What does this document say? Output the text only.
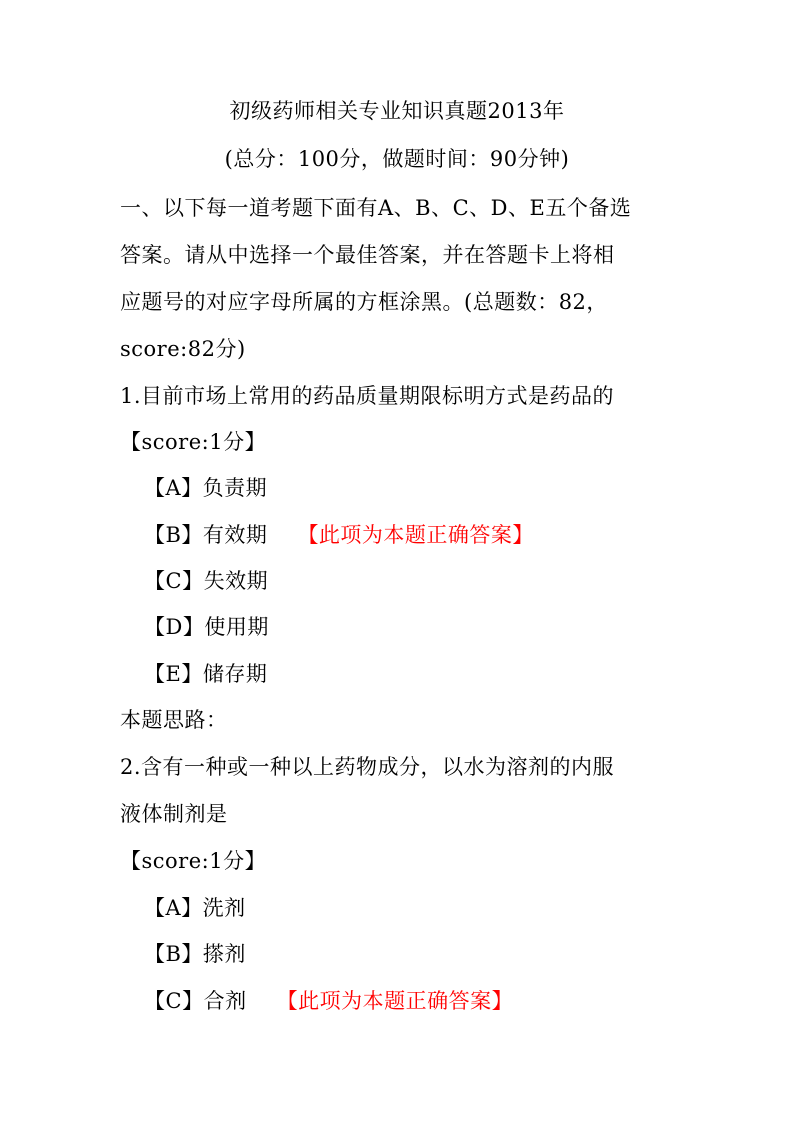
初级药师相关专业知识真题2013年
(总分：100分，做题时间：90分钟)
一、以下每一道考题下面有A、B、C、D、E五个备选
答案。请从中选择一个最佳答案，并在答题卡上将相
应题号的对应字母所属的方框涂黑。(总题数：82，
score:82分)
1.目前市场上常用的药品质量期限标明方式是药品的
【score:1分】
【A】负责期
【B】有效期 【此项为本题正确答案】
【C】失效期
【D】使用期
【E】储存期
本题思路：
2.含有一种或一种以上药物成分，以水为溶剂的内服
液体制剂是
【score:1分】
【A】洗剂
【B】搽剂
【C】合剂 【此项为本题正确答案】
